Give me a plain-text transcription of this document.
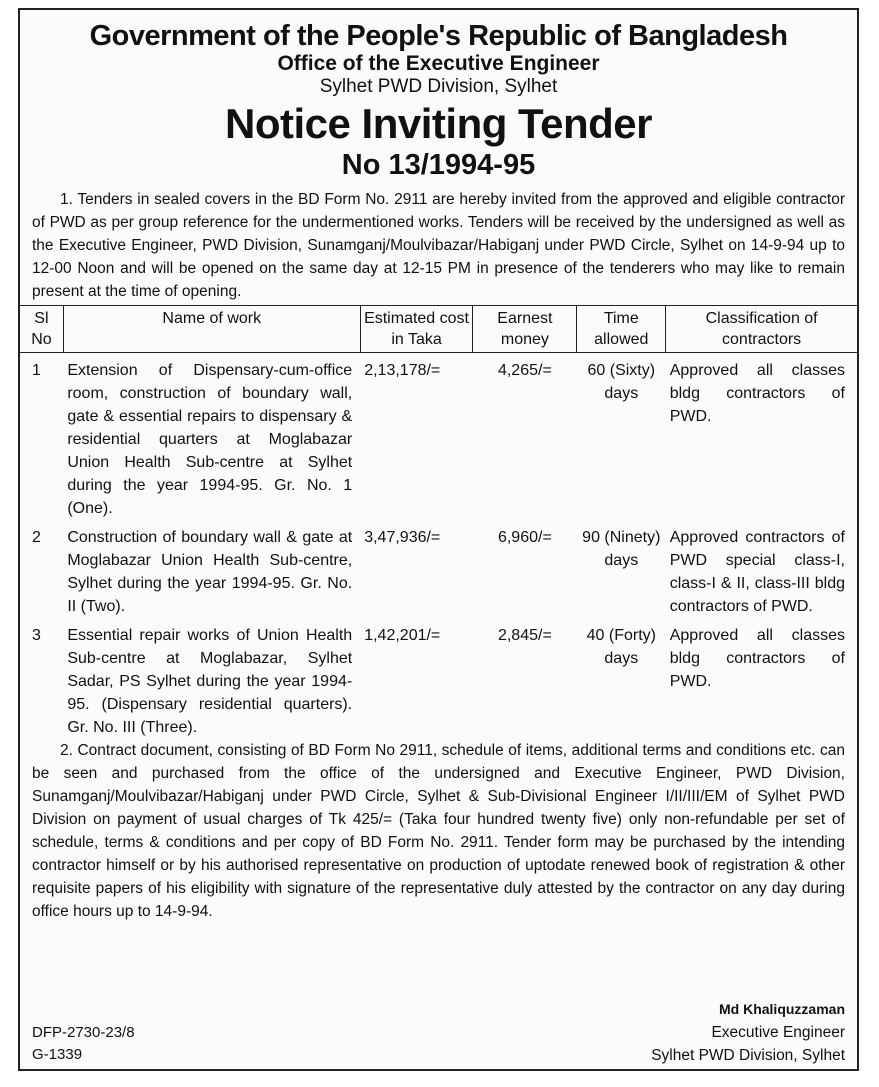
Government of the People's Republic of Bangladesh
Office of the Executive Engineer
Sylhet PWD Division, Sylhet
Notice Inviting Tender
No 13/1994-95

1. Tenders in sealed covers in the BD Form No. 2911 are hereby invited from the approved and eligible contractor of PWD as per group reference for the undermentioned works. Tenders will be received by the undersigned as well as the Executive Engineer, PWD Division, Sunamganj/Moulvibazar/Habiganj under PWD Circle, Sylhet on 14-9-94 up to 12-00 Noon and will be opened on the same day at 12-15 PM in presence of the tenderers who may like to remain present at the time of opening.

Sl No	Name of work	Estimated cost in Taka	Earnest money	Time allowed	Classification of contractors
1	Extension of Dispensary-cum-office room, construction of boundary wall, gate & essential repairs to dispensary & residential quarters at Moglabazar Union Health Sub-centre at Sylhet during the year 1994-95. Gr. No. 1 (One).	2,13,178/=	4,265/=	60 (Sixty) days	Approved all classes bldg contractors of PWD.
2	Construction of boundary wall & gate at Moglabazar Union Health Sub-centre, Sylhet during the year 1994-95. Gr. No. II (Two).	3,47,936/=	6,960/=	90 (Ninety) days	Approved contractors of PWD special class-I, class-I & II, class-III bldg contractors of PWD.
3	Essential repair works of Union Health Sub-centre at Moglabazar, Sylhet Sadar, PS Sylhet during the year 1994-95. (Dispensary residential quarters). Gr. No. III (Three).	1,42,201/=	2,845/=	40 (Forty) days	Approved all classes bldg contractors of PWD.

2. Contract document, consisting of BD Form No 2911, schedule of items, additional terms and conditions etc. can be seen and purchased from the office of the undersigned and Executive Engineer, PWD Division, Sunamganj/Moulvibazar/Habiganj under PWD Circle, Sylhet & Sub-Divisional Engineer I/II/III/EM of Sylhet PWD Division on payment of usual charges of Tk 425/= (Taka four hundred twenty five) only non-refundable per set of schedule, terms & conditions and per copy of BD Form No. 2911. Tender form may be purchased by the intending contractor himself or by his authorised representative on production of uptodate renewed book of registration & other requisite papers of his eligibility with signature of the representative duly attested by the contractor on any day during office hours up to 14-9-94.

Md Khaliquzzaman
Executive Engineer
Sylhet PWD Division, Sylhet
DFP-2730-23/8
G-1339
